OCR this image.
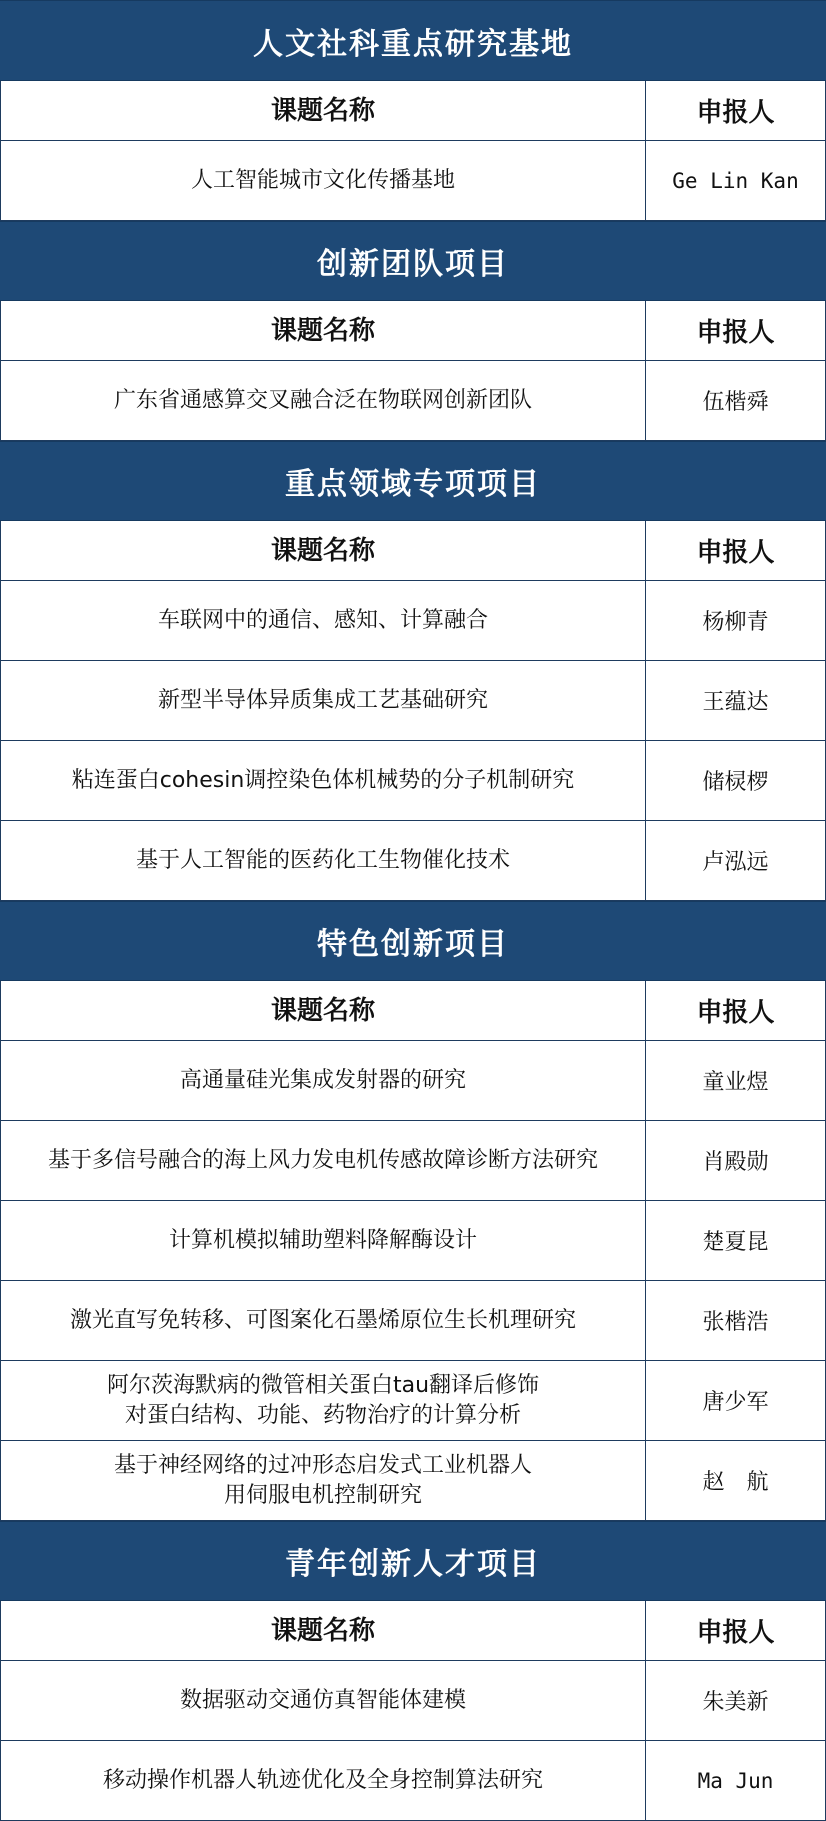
人文社科重点研究基地
课题名称	申报人
人工智能城市文化传播基地	Ge Lin Kan
创新团队项目
课题名称	申报人
广东省通感算交叉融合泛在物联网创新团队	伍楷舜
重点领域专项项目
课题名称	申报人
车联网中的通信、感知、计算融合	杨柳青
新型半导体异质集成工艺基础研究	王蕴达
粘连蛋白cohesin调控染色体机械势的分子机制研究	储棂椤
基于人工智能的医药化工生物催化技术	卢泓远
特色创新项目
课题名称	申报人
高通量硅光集成发射器的研究	童业煜
基于多信号融合的海上风力发电机传感故障诊断方法研究	肖殿勋
计算机模拟辅助塑料降解酶设计	楚夏昆
激光直写免转移、可图案化石墨烯原位生长机理研究	张楷浩
阿尔茨海默病的微管相关蛋白tau翻译后修饰
对蛋白结构、功能、药物治疗的计算分析	唐少军
基于神经网络的过冲形态启发式工业机器人
用伺服电机控制研究	赵　航
青年创新人才项目
课题名称	申报人
数据驱动交通仿真智能体建模	朱美新
移动操作机器人轨迹优化及全身控制算法研究	Ma Jun
